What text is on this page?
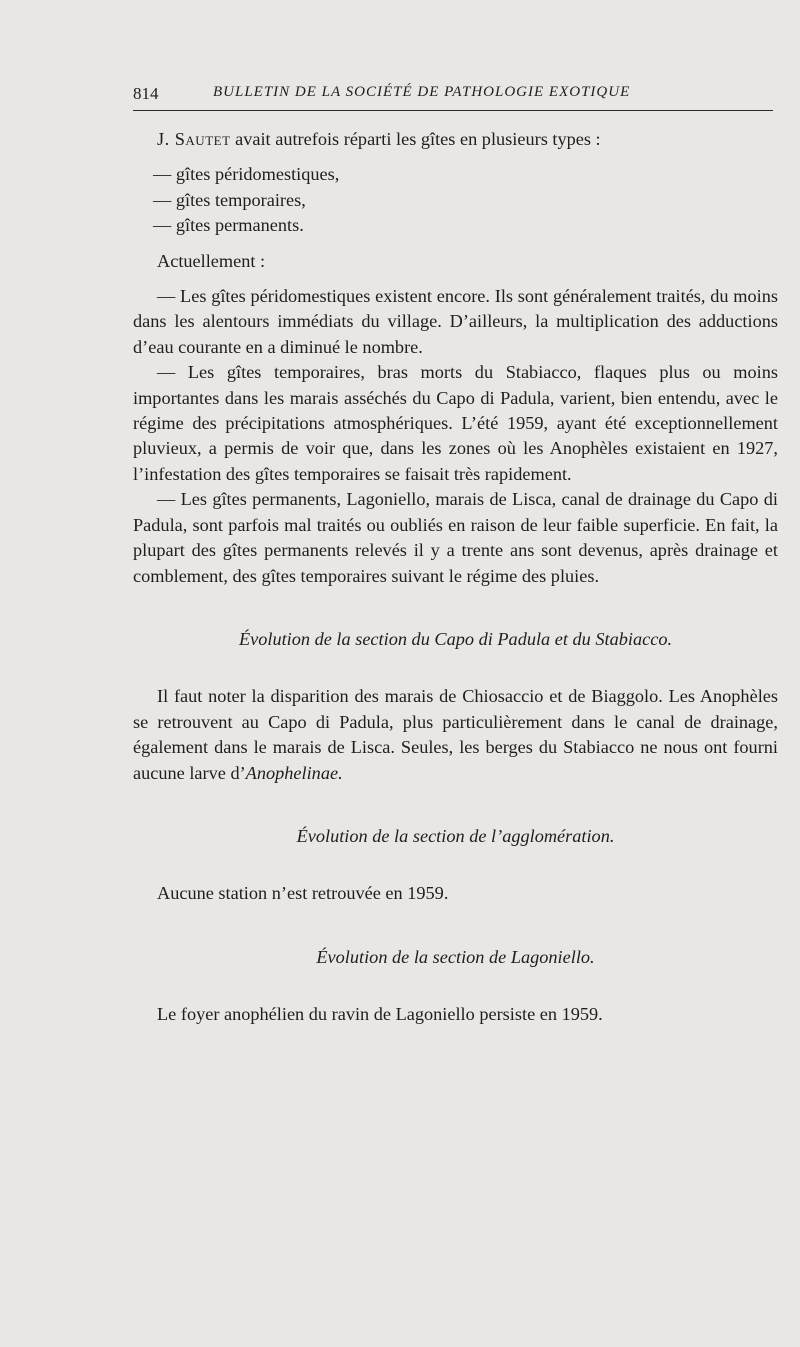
814	BULLETIN DE LA SOCIÉTÉ DE PATHOLOGIE EXOTIQUE

J. Sautet avait autrefois réparti les gîtes en plusieurs types :

— gîtes péridomestiques,

— gîtes temporaires,

— gîtes permanents.

Actuellement :

— Les gîtes péridomestiques existent encore. Ils sont généralement traités, du moins dans les alentours immédiats du village. D’ailleurs, la multiplication des adductions d’eau courante en a diminué le nombre.

— Les gîtes temporaires, bras morts du Stabiacco, flaques plus ou moins importantes dans les marais asséchés du Capo di Padula, varient, bien entendu, avec le régime des précipitations atmosphériques. L’été 1959, ayant été exceptionnellement pluvieux, a permis de voir que, dans les zones où les Anophèles existaient en 1927, l’infestation des gîtes temporaires se faisait très rapidement.

— Les gîtes permanents, Lagoniello, marais de Lisca, canal de drainage du Capo di Padula, sont parfois mal traités ou oubliés en raison de leur faible superficie. En fait, la plupart des gîtes permanents relevés il y a trente ans sont devenus, après drainage et comblement, des gîtes temporaires suivant le régime des pluies.

Évolution de la section du Capo di Padula et du Stabiacco.

Il faut noter la disparition des marais de Chiosaccio et de Biaggolo. Les Anophèles se retrouvent au Capo di Padula, plus particulièrement dans le canal de drainage, également dans le marais de Lisca. Seules, les berges du Stabiacco ne nous ont fourni aucune larve d’Anophelinae.

Évolution de la section de l’agglomération.

Aucune station n’est retrouvée en 1959.

Évolution de la section de Lagoniello.

Le foyer anophélien du ravin de Lagoniello persiste en 1959.
